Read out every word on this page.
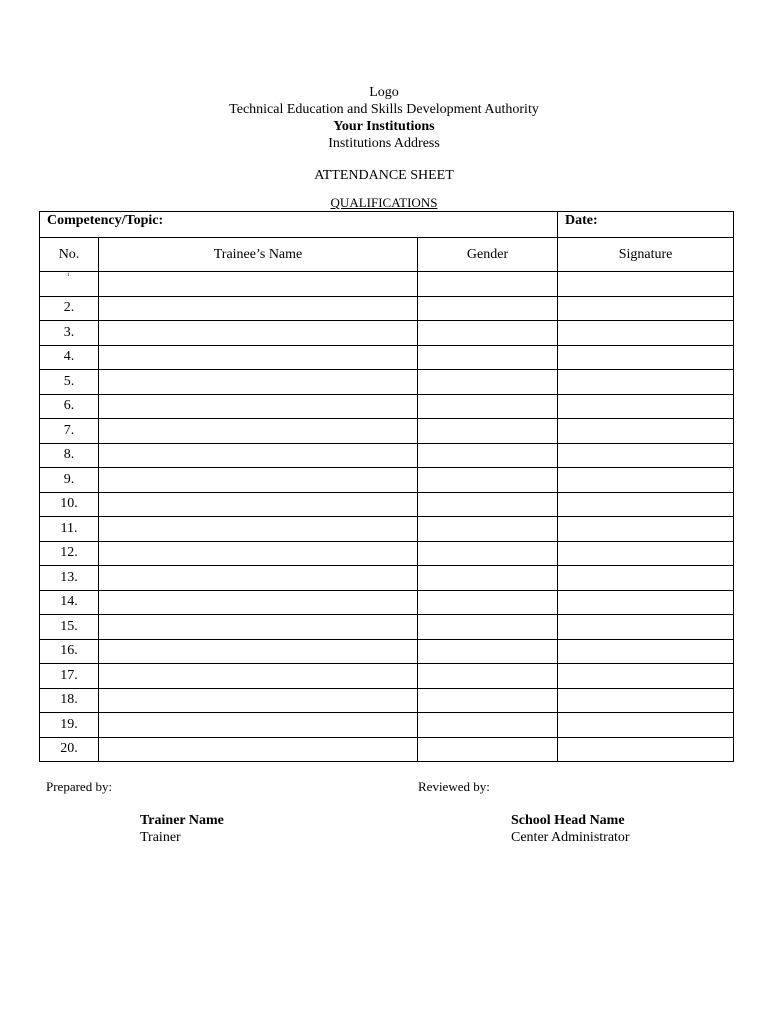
Logo
Technical Education and Skills Development Authority
Your Institutions
Institutions Address
ATTENDANCE SHEET
QUALIFICATIONS
Competency/Topic:			Date:
No.	Trainee’s Name	Gender	Signature
1.			
2.			
3.			
4.			
5.			
6.			
7.			
8.			
9.			
10.			
11.			
12.			
13.			
14.			
15.			
16.			
17.			
18.			
19.			
20.			
Prepared by:	Reviewed by:
Trainer Name
Trainer
School Head Name
Center Administrator
